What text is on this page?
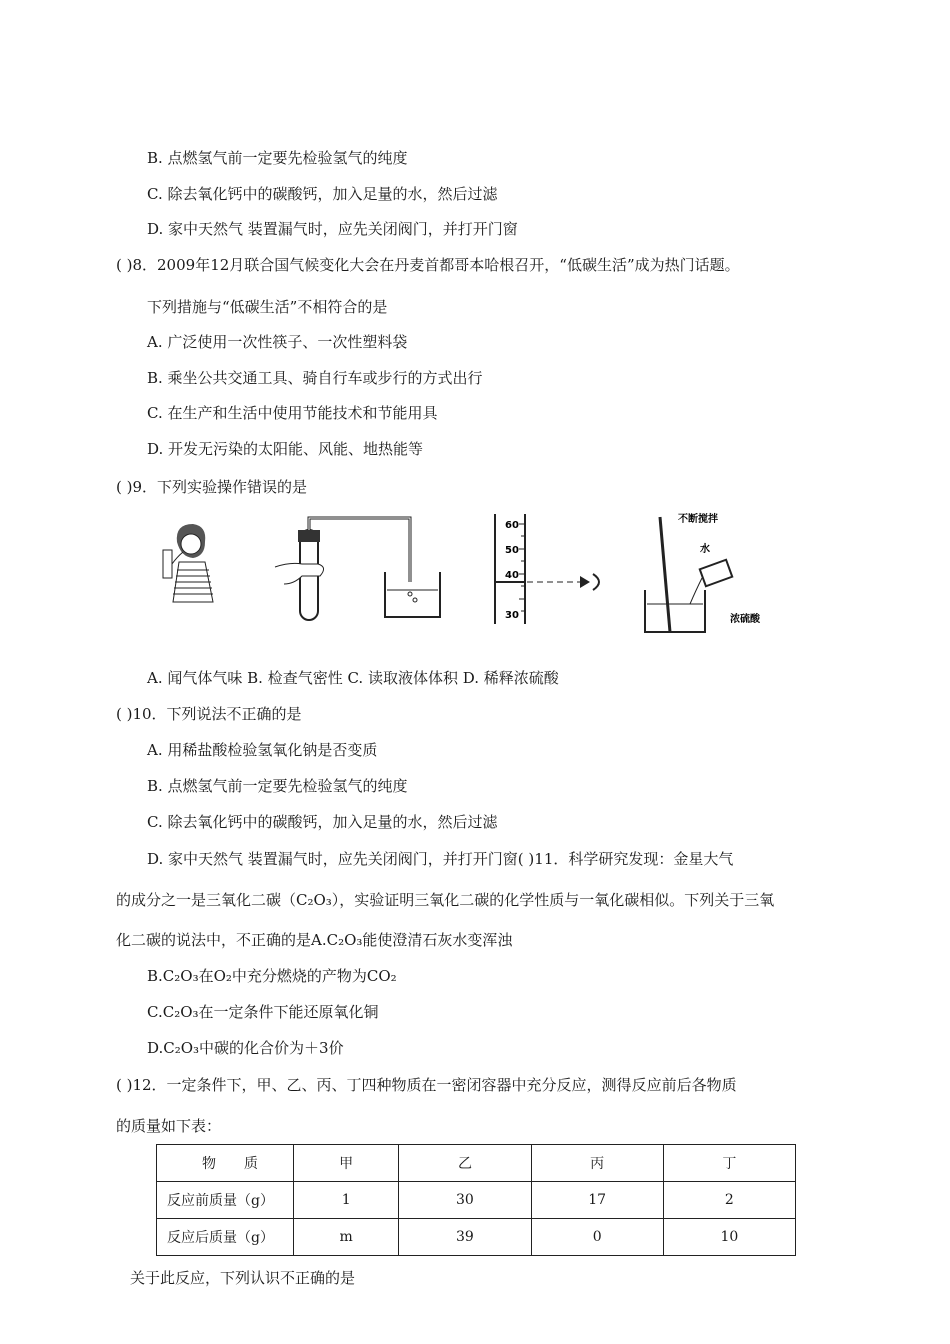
B. 点燃氢气前一定要先检验氢气的纯度
C. 除去氧化钙中的碳酸钙，加入足量的水，然后过滤
D. 家中天然气 装置漏气时，应先关闭阀门，并打开门窗
( )8．2009年12月联合国气候变化大会在丹麦首都哥本哈根召开，“低碳生活”成为热门话题。
下列措施与“低碳生活”不相符合的是
A. 广泛使用一次性筷子、一次性塑料袋
B. 乘坐公共交通工具、骑自行车或步行的方式出行
C. 在生产和生活中使用节能技术和节能用具
D. 开发无污染的太阳能、风能、地热能等
( )9．下列实验操作错误的是
60
50
40
30
不断搅拌
水
浓硫酸
A. 闻气体气味 B. 检查气密性 C. 读取液体体积 D. 稀释浓硫酸
( )10．下列说法不正确的是
A. 用稀盐酸检验氢氧化钠是否变质
B. 点燃氢气前一定要先检验氢气的纯度
C. 除去氧化钙中的碳酸钙，加入足量的水，然后过滤
D. 家中天然气 装置漏气时，应先关闭阀门，并打开门窗( )11．科学研究发现：金星大气
的成分之一是三氧化二碳（C₂O₃），实验证明三氧化二碳的化学性质与一氧化碳相似。下列关于三氧
化二碳的说法中，不正确的是A.C₂O₃能使澄清石灰水变浑浊
B.C₂O₃在O₂中充分燃烧的产物为CO₂
C.C₂O₃在一定条件下能还原氧化铜
D.C₂O₃中碳的化合价为＋3价
( )12．一定条件下，甲、乙、丙、丁四种物质在一密闭容器中充分反应，测得反应前后各物质
的质量如下表：
物　　质	甲	乙	丙	丁
反应前质量（g）	1	30	17	2
反应后质量（g）	m	39	0	10
关于此反应，下列认识不正确的是
